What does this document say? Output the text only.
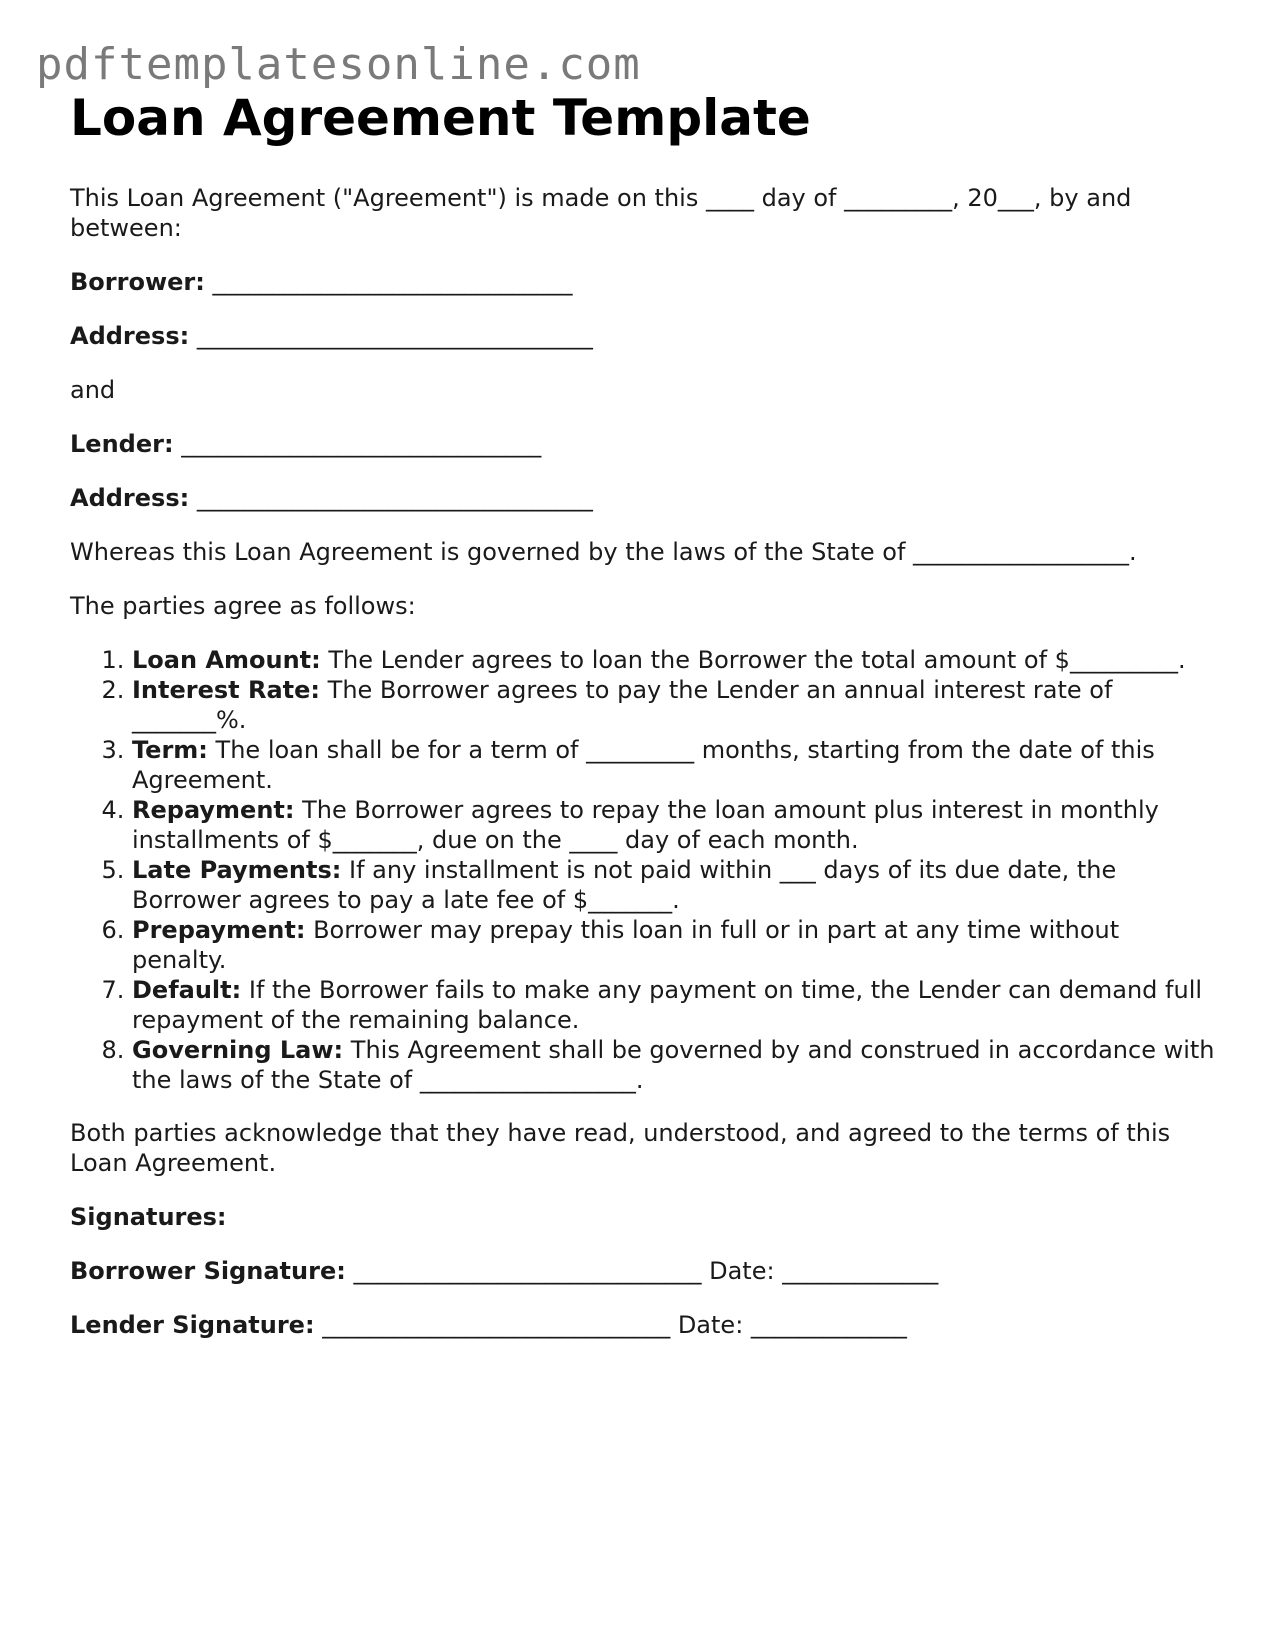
pdftemplatesonline.com
Loan Agreement Template

This Loan Agreement ("Agreement") is made on this ____ day of _________, 20___, by and between:

Borrower: ______________________________

Address: _________________________________

and

Lender: ______________________________

Address: _________________________________

Whereas this Loan Agreement is governed by the laws of the State of __________________.

The parties agree as follows:

1. Loan Amount: The Lender agrees to loan the Borrower the total amount of $_________.
2. Interest Rate: The Borrower agrees to pay the Lender an annual interest rate of _______%.
3. Term: The loan shall be for a term of _________ months, starting from the date of this Agreement.
4. Repayment: The Borrower agrees to repay the loan amount plus interest in monthly installments of $_______, due on the ____ day of each month.
5. Late Payments: If any installment is not paid within ___ days of its due date, the Borrower agrees to pay a late fee of $_______.
6. Prepayment: Borrower may prepay this loan in full or in part at any time without penalty.
7. Default: If the Borrower fails to make any payment on time, the Lender can demand full repayment of the remaining balance.
8. Governing Law: This Agreement shall be governed by and construed in accordance with the laws of the State of __________________.

Both parties acknowledge that they have read, understood, and agreed to the terms of this Loan Agreement.

Signatures:

Borrower Signature: _____________________________ Date: _____________

Lender Signature: _____________________________ Date: _____________
